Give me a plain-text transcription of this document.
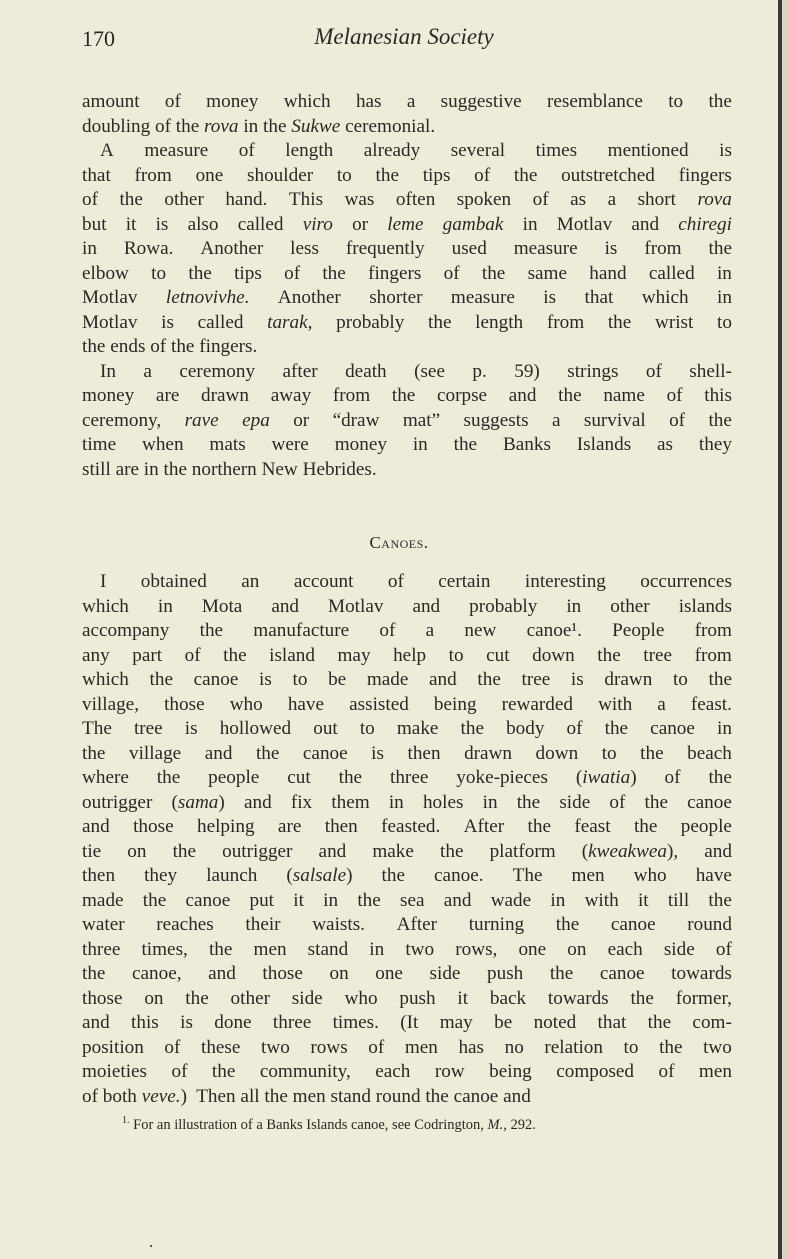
170	Melanesian Society
amount of money which has a suggestive resemblance to the
doubling of the rova in the Sukwe ceremonial.
A measure of length already several times mentioned is
that from one shoulder to the tips of the outstretched fingers
of the other hand. This was often spoken of as a short rova
but it is also called viro or leme gambak in Motlav and chiregi
in Rowa. Another less frequently used measure is from the
elbow to the tips of the fingers of the same hand called in
Motlav letnovivhe. Another shorter measure is that which in
Motlav is called tarak, probably the length from the wrist to
the ends of the fingers.
In a ceremony after death (see p. 59) strings of shell-
money are drawn away from the corpse and the name of this
ceremony, rave epa or “draw mat” suggests a survival of the
time when mats were money in the Banks Islands as they
still are in the northern New Hebrides.
Canoes.
I obtained an account of certain interesting occurrences
which in Mota and Motlav and probably in other islands
accompany the manufacture of a new canoe¹. People from
any part of the island may help to cut down the tree from
which the canoe is to be made and the tree is drawn to the
village, those who have assisted being rewarded with a feast.
The tree is hollowed out to make the body of the canoe in
the village and the canoe is then drawn down to the beach
where the people cut the three yoke-pieces (iwatia) of the
outrigger (sama) and fix them in holes in the side of the canoe
and those helping are then feasted. After the feast the people
tie on the outrigger and make the platform (kweakwea), and
then they launch (salsale) the canoe. The men who have
made the canoe put it in the sea and wade in with it till the
water reaches their waists. After turning the canoe round
three times, the men stand in two rows, one on each side of
the canoe, and those on one side push the canoe towards
those on the other side who push it back towards the former,
and this is done three times. (It may be noted that the com-
position of these two rows of men has no relation to the two
moieties of the community, each row being composed of men
of both veve. )  Then all the men stand round the canoe and
$^{1.}$ For an illustration of a Banks Islands canoe, see Codrington, M., 292.
